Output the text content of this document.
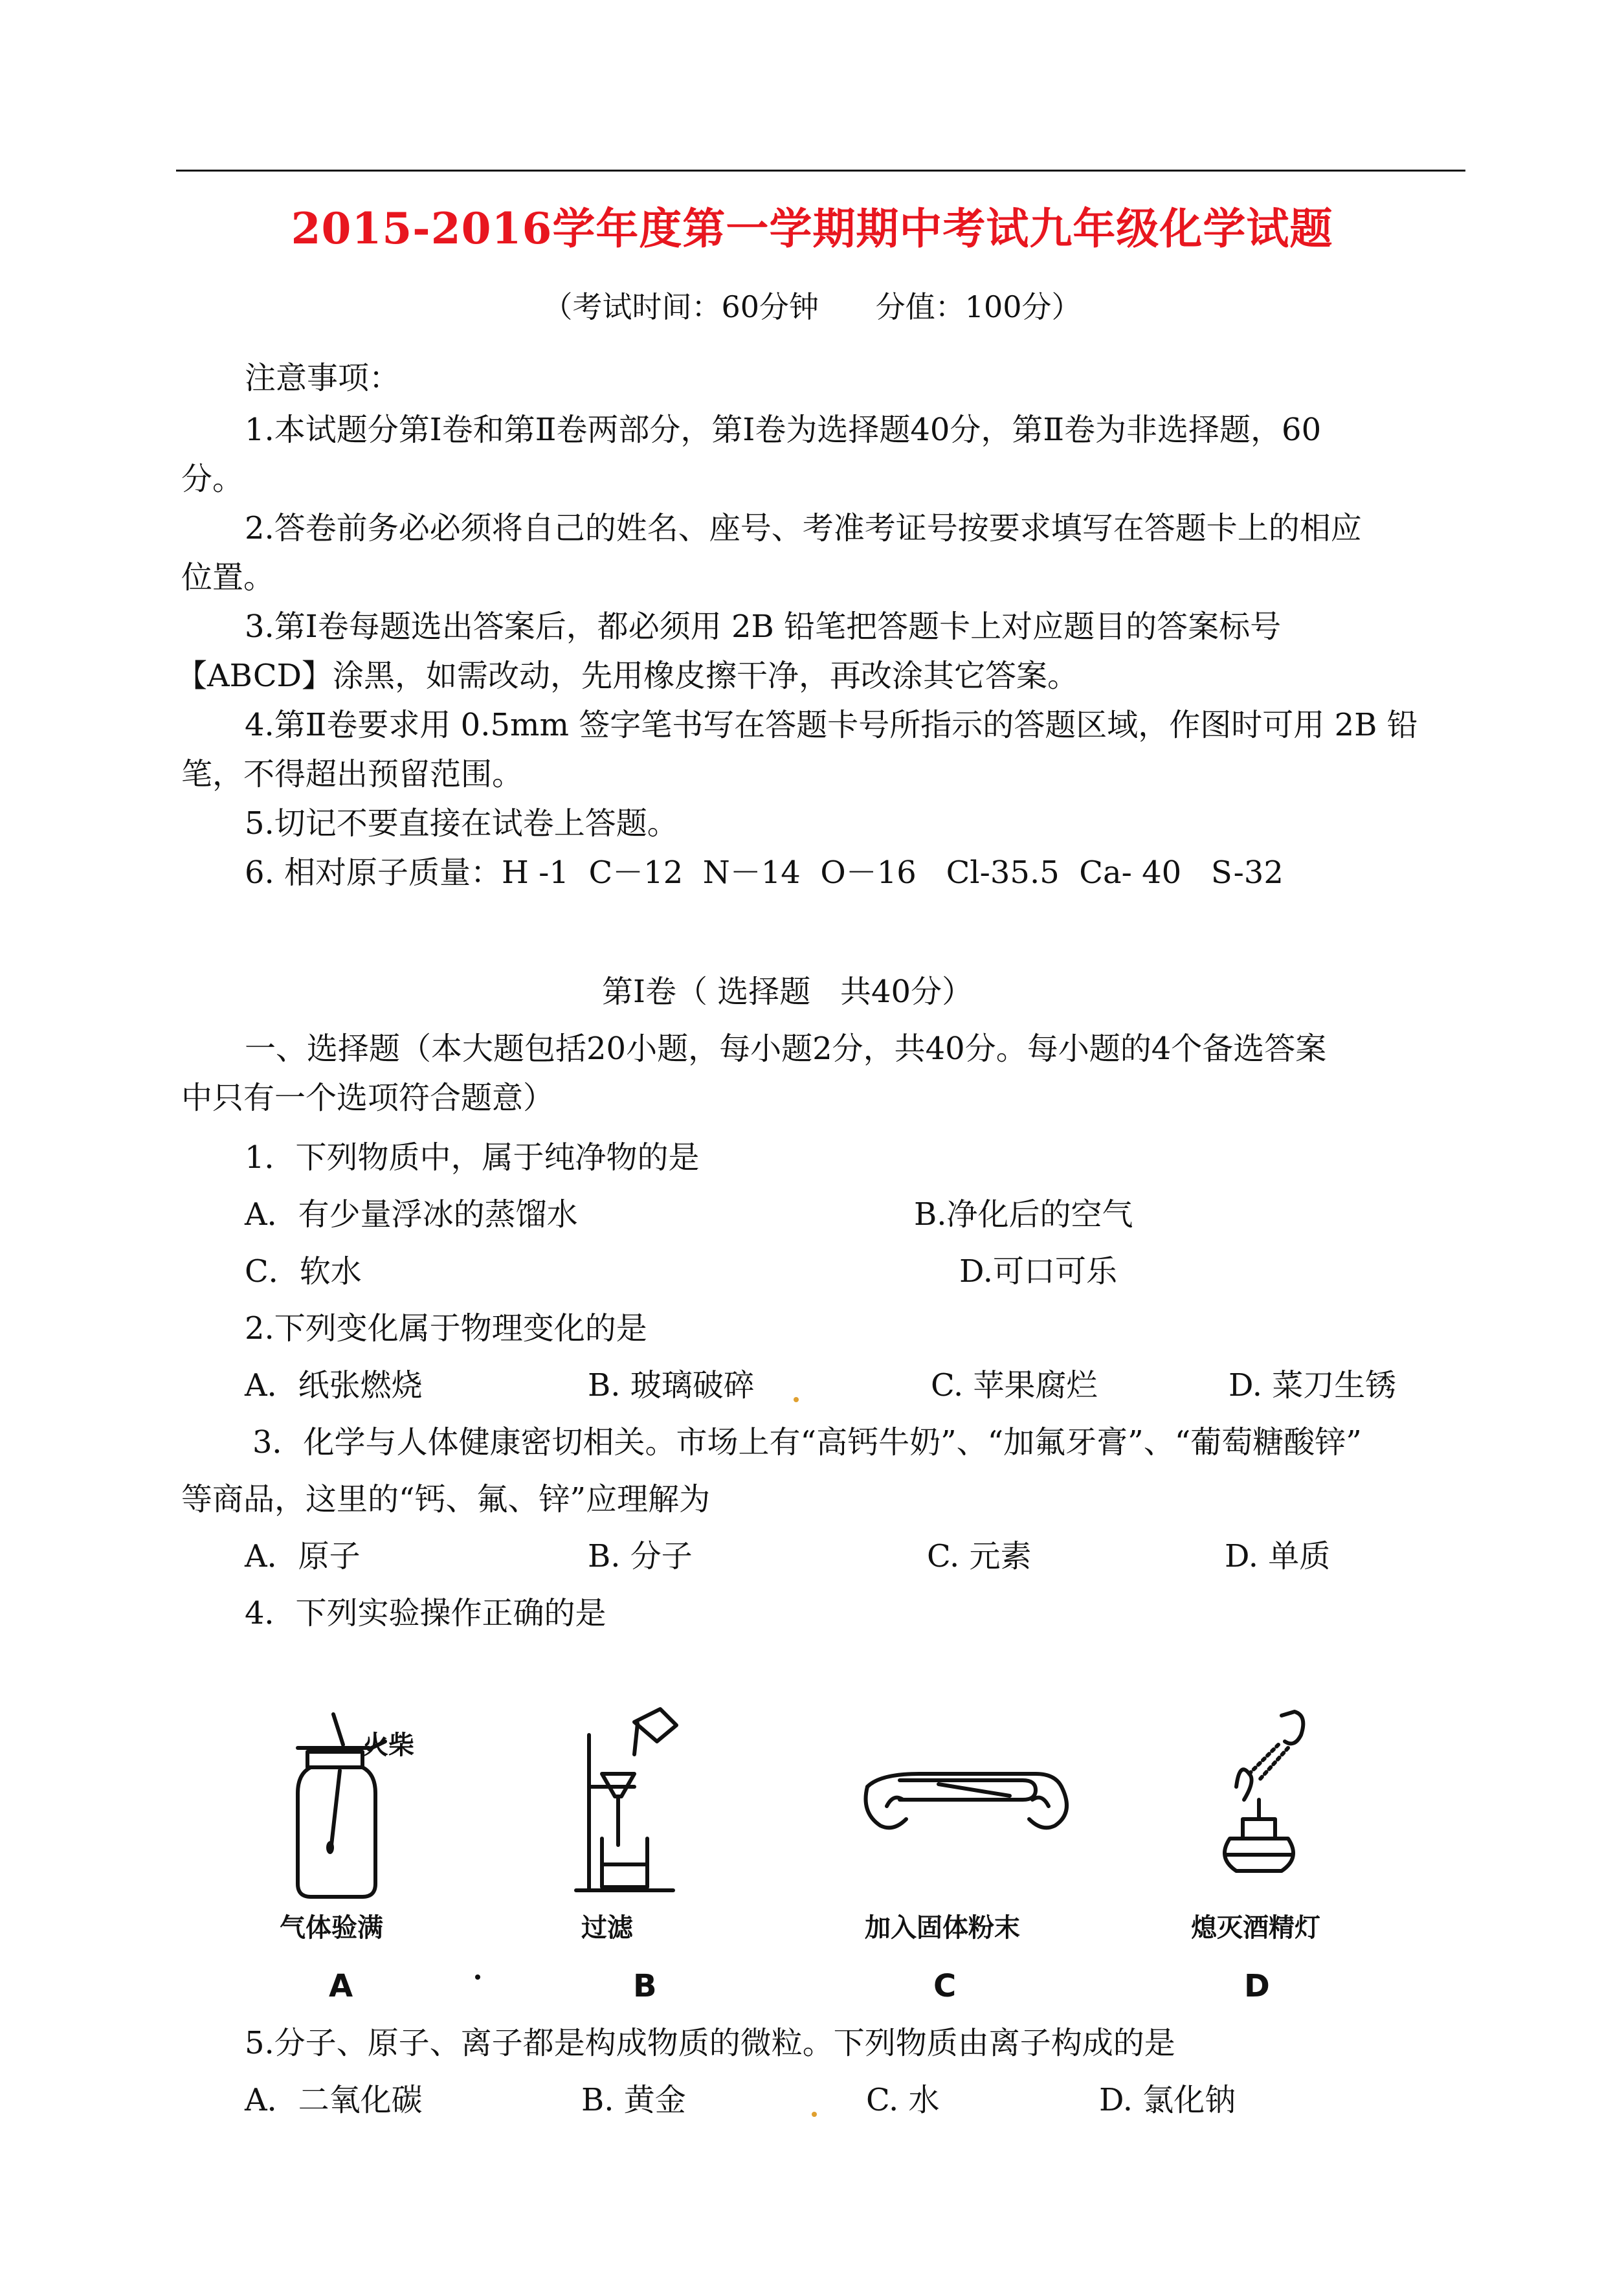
2015-2016学年度第一学期期中考试九年级化学试题
（考试时间：60分钟      分值：100分）
注意事项：
1.本试题分第Ⅰ卷和第Ⅱ卷两部分，第Ⅰ卷为选择题40分，第Ⅱ卷为非选择题，60
分。
2.答卷前务必必须将自己的姓名、座号、考准考证号按要求填写在答题卡上的相应
位置。
3.第Ⅰ卷每题选出答案后，都必须用 2B 铅笔把答题卡上对应题目的答案标号
【ABCD】涂黑，如需改动，先用橡皮擦干净，再改涂其它答案。
4.第Ⅱ卷要求用 0.5mm 签字笔书写在答题卡号所指示的答题区域，作图时可用 2B 铅
笔，不得超出预留范围。
5.切记不要直接在试卷上答题。
6. 相对原子质量：H -1  C－12  N－14  O－16   Cl-35.5  Ca- 40   S-32
第Ⅰ卷（ 选择题   共40分）
一、选择题（本大题包括20小题，每小题2分，共40分。每小题的4个备选答案
中只有一个选项符合题意）
1．下列物质中，属于纯净物的是
A．有少量浮冰的蒸馏水	B.净化后的空气
C．软水	D.可口可乐
2.下列变化属于物理变化的是
A．纸张燃烧	B. 玻璃破碎	C. 苹果腐烂	D. 菜刀生锈
3．化学与人体健康密切相关。市场上有“高钙牛奶”、“加氟牙膏”、“葡萄糖酸锌”
等商品，这里的“钙、氟、锌”应理解为
A．原子	B. 分子	C. 元素	D. 单质
4．下列实验操作正确的是
火柴
气体验满
A
过滤
B
加入固体粉末
C
熄灭酒精灯
D
5.分子、原子、离子都是构成物质的微粒。下列物质由离子构成的是
A．二氧化碳	B. 黄金	C. 水	D. 氯化钠
